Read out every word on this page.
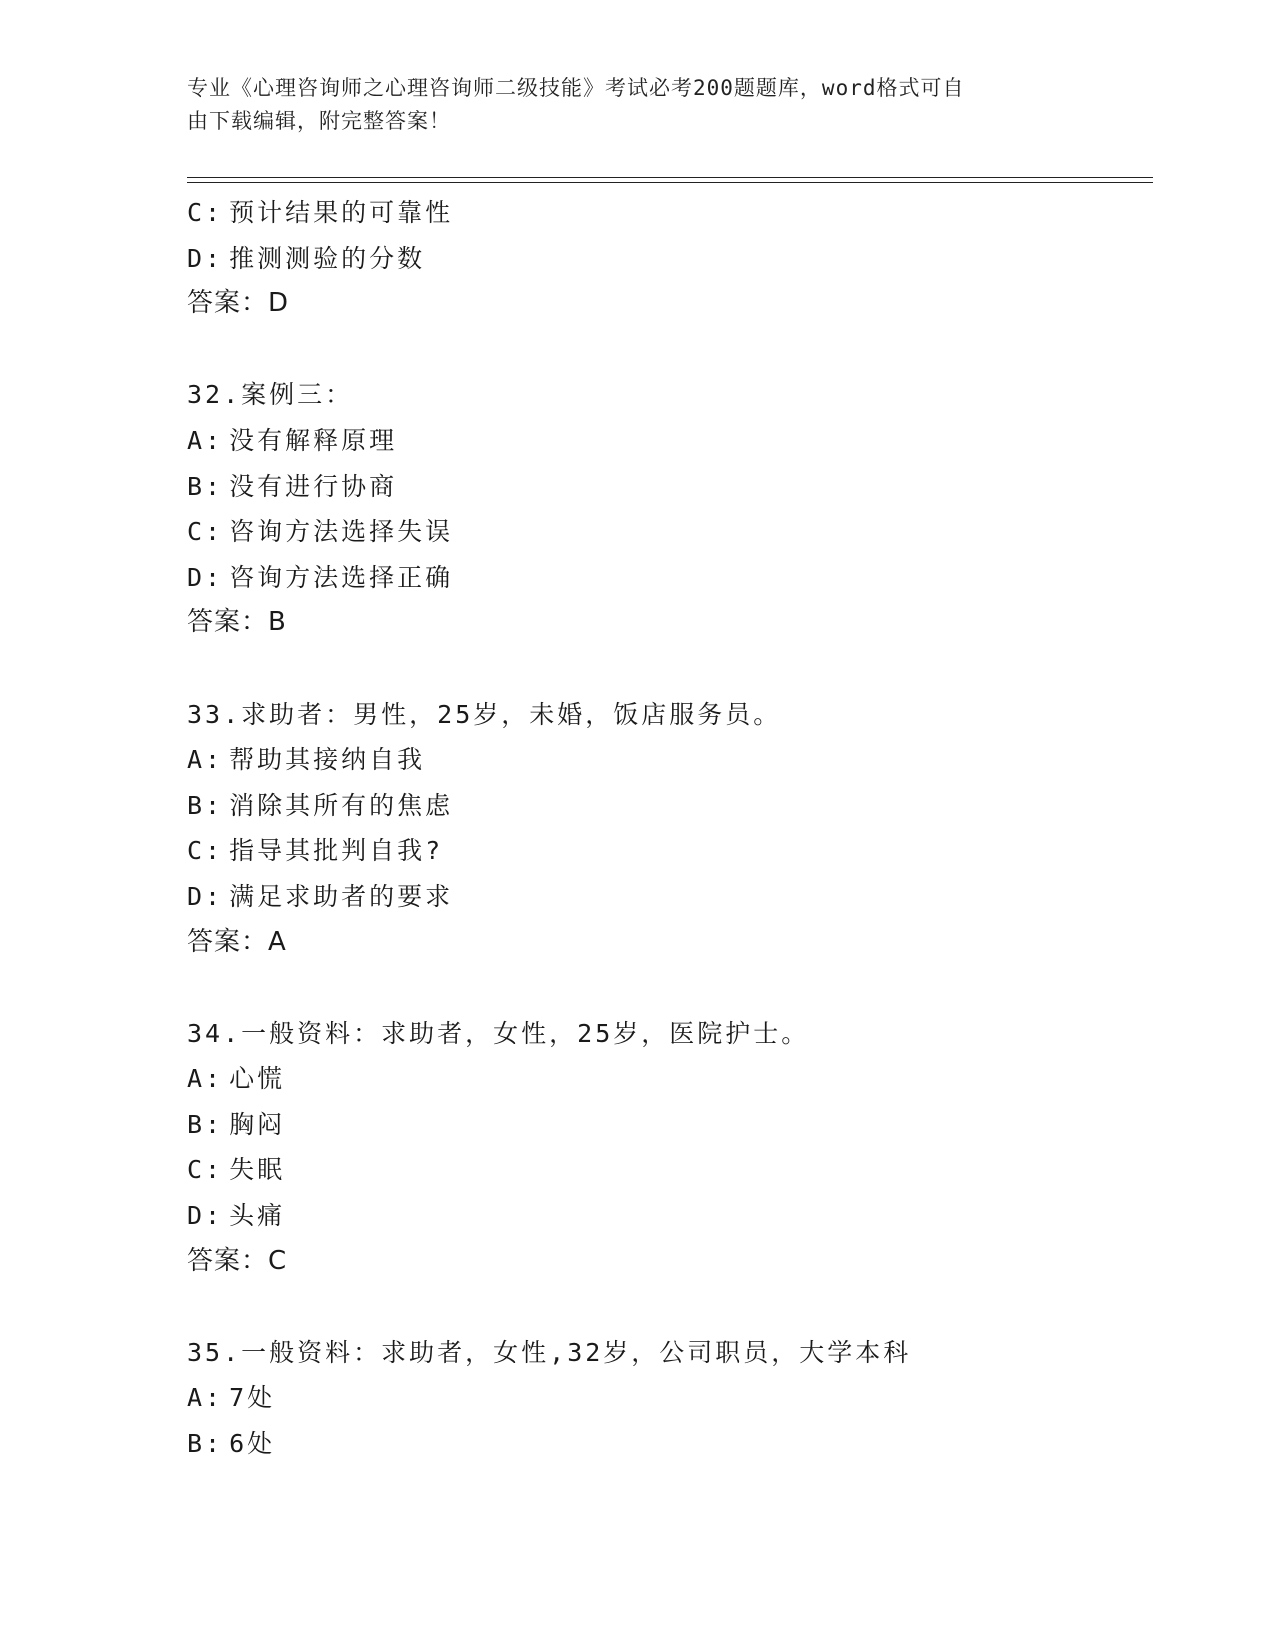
专业《心理咨询师之心理咨询师二级技能》考试必考200题题库，word格式可自
由下载编辑，附完整答案！
C: 预计结果的可靠性
D: 推测测验的分数
答案：D
32.案例三：
A: 没有解释原理
B: 没有进行协商
C: 咨询方法选择失误
D: 咨询方法选择正确
答案：B
33.求助者：男性，25岁，未婚，饭店服务员。
A: 帮助其接纳自我
B: 消除其所有的焦虑
C: 指导其批判自我?
D: 满足求助者的要求
答案：A
34.一般资料：求助者，女性，25岁，医院护士。
A: 心慌
B: 胸闷
C: 失眠
D: 头痛
答案：C
35.一般资料：求助者，女性,32岁，公司职员，大学本科
A: 7处
B: 6处
